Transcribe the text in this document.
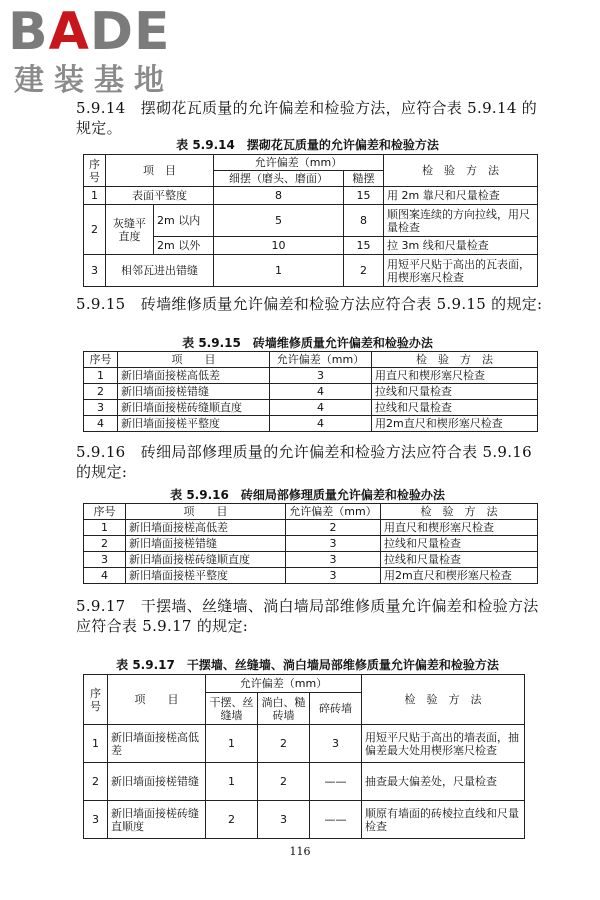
BADE
建装基地
5.9.14　摆砌花瓦质量的允许偏差和检验方法，应符合表 5.9.14 的规定。
表 5.9.14　摆砌花瓦质量的允许偏差和检验方法
序号	项　目		允许偏差（mm）		检　验　方　法
			细摆（磨头、磨面）	糙摆	
1	表面平整度		8	15	用 2m 靠尺和尺量检查
2	灰缝平直度	2m 以内	5	8	顺图案连续的方向拉线，用尺量检查
		2m 以外	10	15	拉 3m 线和尺量检查
3	相邻瓦进出错缝		1	2	用短平尺贴于高出的瓦表面，用楔形塞尺检查
5.9.15　砖墙维修质量允许偏差和检验方法应符合表 5.9.15 的规定:
表 5.9.15　砖墙维修质量允许偏差和检验办法
序号	项　　目	允许偏差（mm）	检　验　方　法
1	新旧墙面接槎高低差	3	用直尺和楔形塞尺检查
2	新旧墙面接槎错缝	4	拉线和尺量检查
3	新旧墙面接槎砖缝顺直度	4	拉线和尺量检查
4	新旧墙面接槎平整度	4	用2m直尺和楔形塞尺检查
5.9.16　砖细局部修理质量的允许偏差和检验方法应符合表 5.9.16 的规定:
表 5.9.16　砖细局部修理质量允许偏差和检验办法
序号	项　　目	允许偏差（mm）	检　验　方　法
1	新旧墙面接槎高低差	2	用直尺和楔形塞尺检查
2	新旧墙面接槎错缝	3	拉线和尺量检查
3	新旧墙面接槎砖缝顺直度	3	拉线和尺量检查
4	新旧墙面接槎平整度	3	用2m直尺和楔形塞尺检查
5.9.17　干摆墙、丝缝墙、淌白墙局部维修质量允许偏差和检验方法应符合表 5.9.17 的规定:
表 5.9.17　干摆墙、丝缝墙、淌白墙局部维修质量允许偏差和检验方法
序号	项　　目	允许偏差（mm）			检　验　方　法
		干摆、丝缝墙	淌白、糙砖墙	碎砖墙	
1	新旧墙面接槎高低差	1	2	3	用短平尺贴于高出的墙表面，抽偏差最大处用楔形塞尺检查
2	新旧墙面接槎错缝	1	2	——	抽查最大偏差处，尺量检查
3	新旧墙面接槎砖缝直顺度	2	3	——	顺原有墙面的砖棱拉直线和尺量检查
116
